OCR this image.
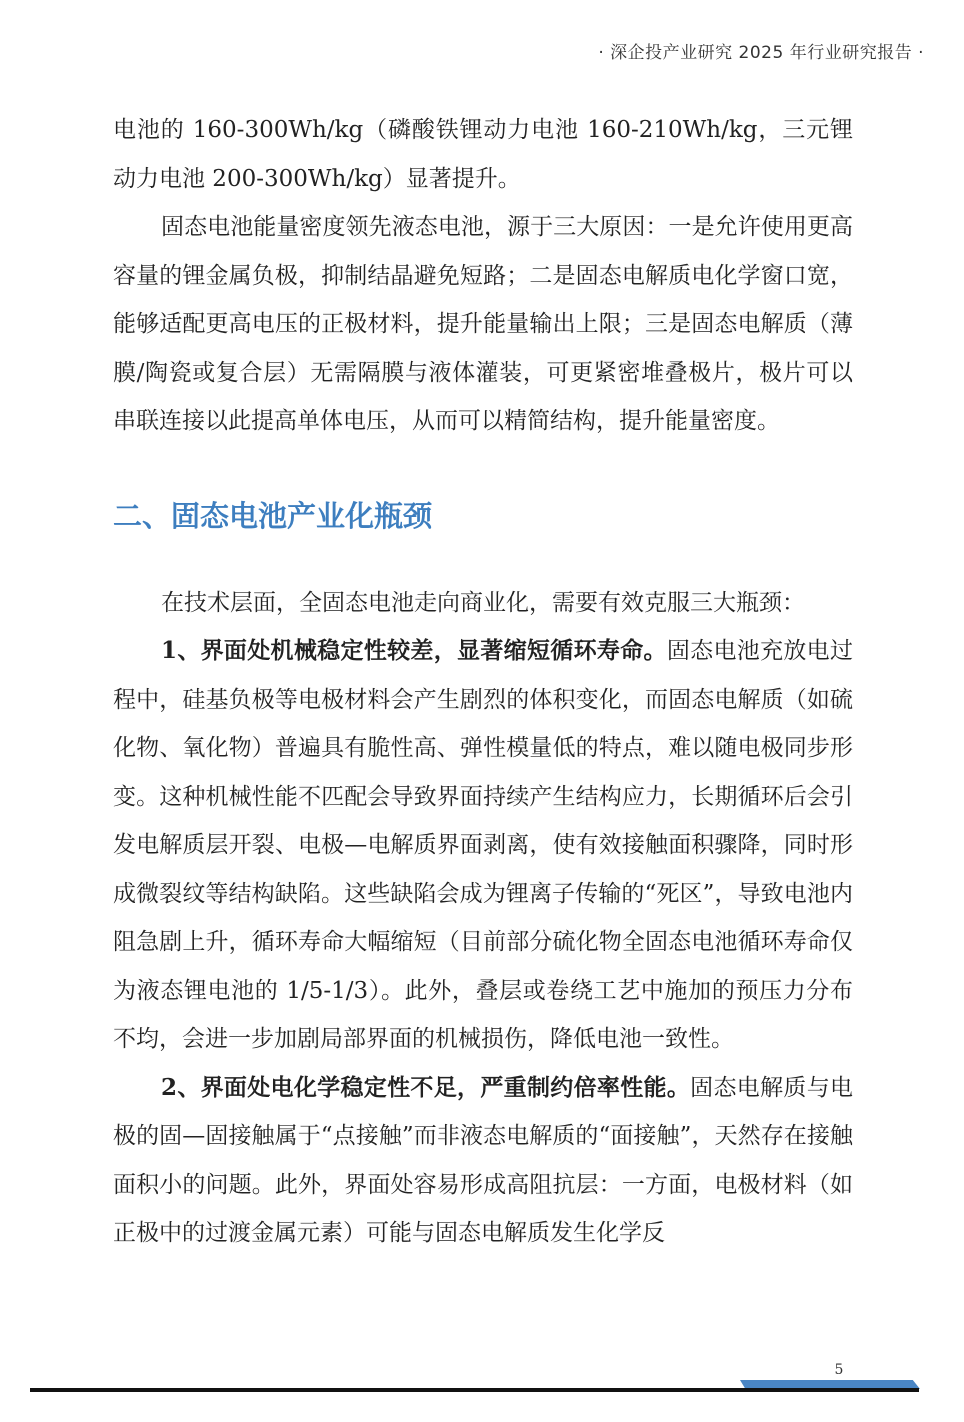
· 深企投产业研究 2025 年行业研究报告 ·

电池的 160-300Wh/kg（磷酸铁锂动力电池 160-210Wh/kg，三元锂动力电池 200-300Wh/kg）显著提升。

固态电池能量密度领先液态电池，源于三大原因：一是允许使用更高容量的锂金属负极，抑制结晶避免短路；二是固态电解质电化学窗口宽，能够适配更高电压的正极材料，提升能量输出上限；三是固态电解质（薄膜/陶瓷或复合层）无需隔膜与液体灌装，可更紧密堆叠极片，极片可以串联连接以此提高单体电压，从而可以精简结构，提升能量密度。

二、固态电池产业化瓶颈

在技术层面，全固态电池走向商业化，需要有效克服三大瓶颈：

1、界面处机械稳定性较差，显著缩短循环寿命。固态电池充放电过程中，硅基负极等电极材料会产生剧烈的体积变化，而固态电解质（如硫化物、氧化物）普遍具有脆性高、弹性模量低的特点，难以随电极同步形变。这种机械性能不匹配会导致界面持续产生结构应力，长期循环后会引发电解质层开裂、电极—电解质界面剥离，使有效接触面积骤降，同时形成微裂纹等结构缺陷。这些缺陷会成为锂离子传输的“死区”，导致电池内阻急剧上升，循环寿命大幅缩短（目前部分硫化物全固态电池循环寿命仅为液态锂电池的 1/5-1/3）。此外，叠层或卷绕工艺中施加的预压力分布不均，会进一步加剧局部界面的机械损伤，降低电池一致性。

2、界面处电化学稳定性不足，严重制约倍率性能。固态电解质与电极的固—固接触属于“点接触”而非液态电解质的“面接触”，天然存在接触面积小的问题。此外，界面处容易形成高阻抗层：一方面，电极材料（如正极中的过渡金属元素）可能与固态电解质发生化学反

5
